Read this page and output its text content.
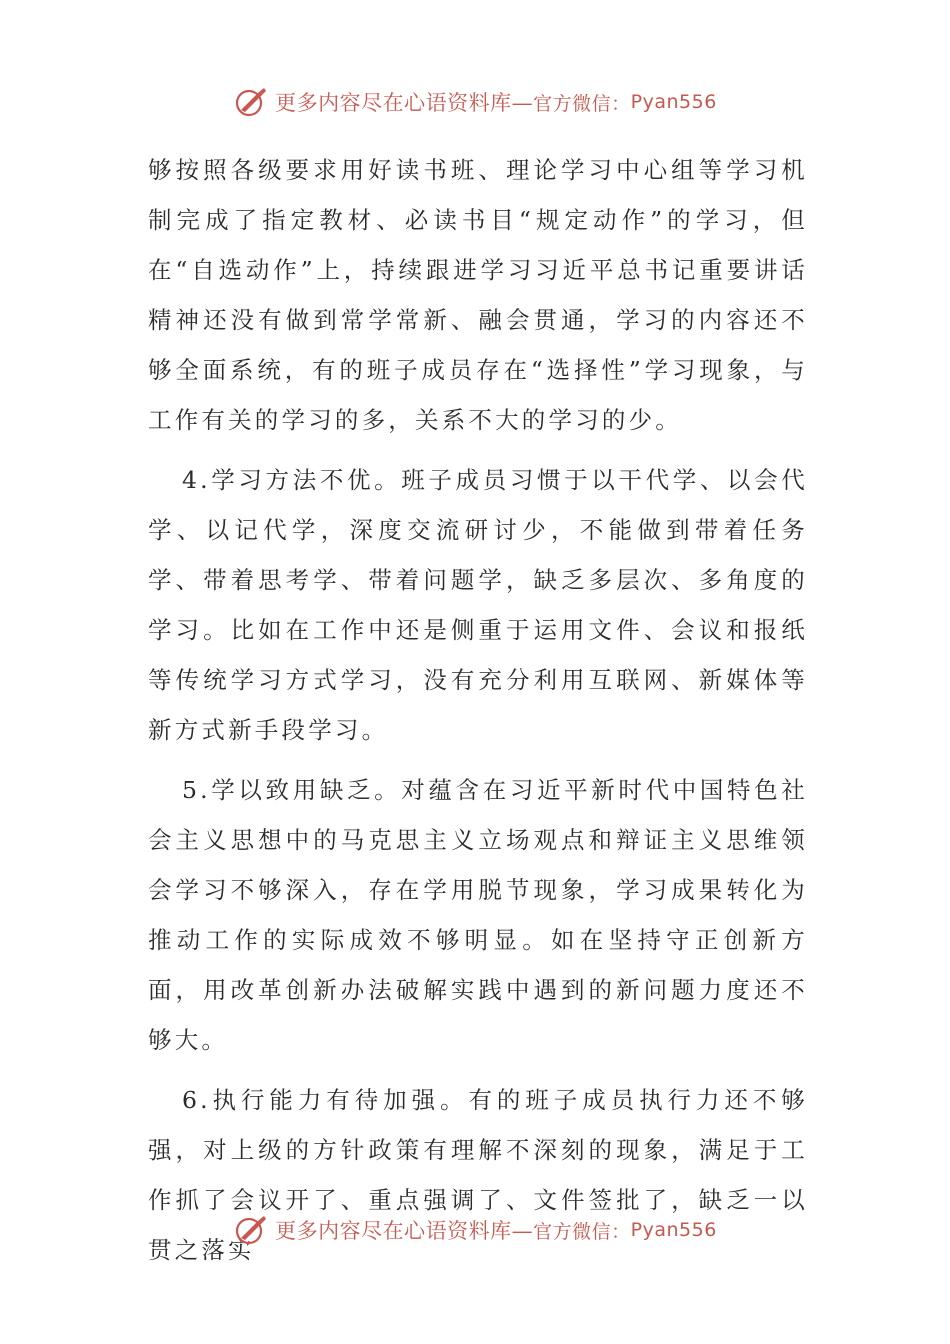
更多内容尽在心语资料库— 官方微信： Pyan556

够按照各级要求用好读书班、理论学习中心组等学习机制完成了指定教材、必读书目“规定动作”的学习，但在“自选动作”上，持续跟进学习习近平总书记重要讲话精神还没有做到常学常新、融会贯通，学习的内容还不够全面系统，有的班子成员存在“选择性”学习现象，与工作有关的学习的多，关系不大的学习的少。

4.学习方法不优。班子成员习惯于以干代学、以会代学、以记代学，深度交流研讨少，不能做到带着任务学、带着思考学、带着问题学，缺乏多层次、多角度的学习。比如在工作中还是侧重于运用文件、会议和报纸等传统学习方式学习，没有充分利用互联网、新媒体等新方式新手段学习。

5.学以致用缺乏。对蕴含在习近平新时代中国特色社会主义思想中的马克思主义立场观点和辩证主义思维领会学习不够深入，存在学用脱节现象，学习成果转化为推动工作的实际成效不够明显。如在坚持守正创新方面，用改革创新办法破解实践中遇到的新问题力度还不够大。

6.执行能力有待加强。有的班子成员执行力还不够强，对上级的方针政策有理解不深刻的现象，满足于工作抓了会议开了、重点强调了、文件签批了，缺乏一以贯之落实

更多内容尽在心语资料库— 官方微信： Pyan556
